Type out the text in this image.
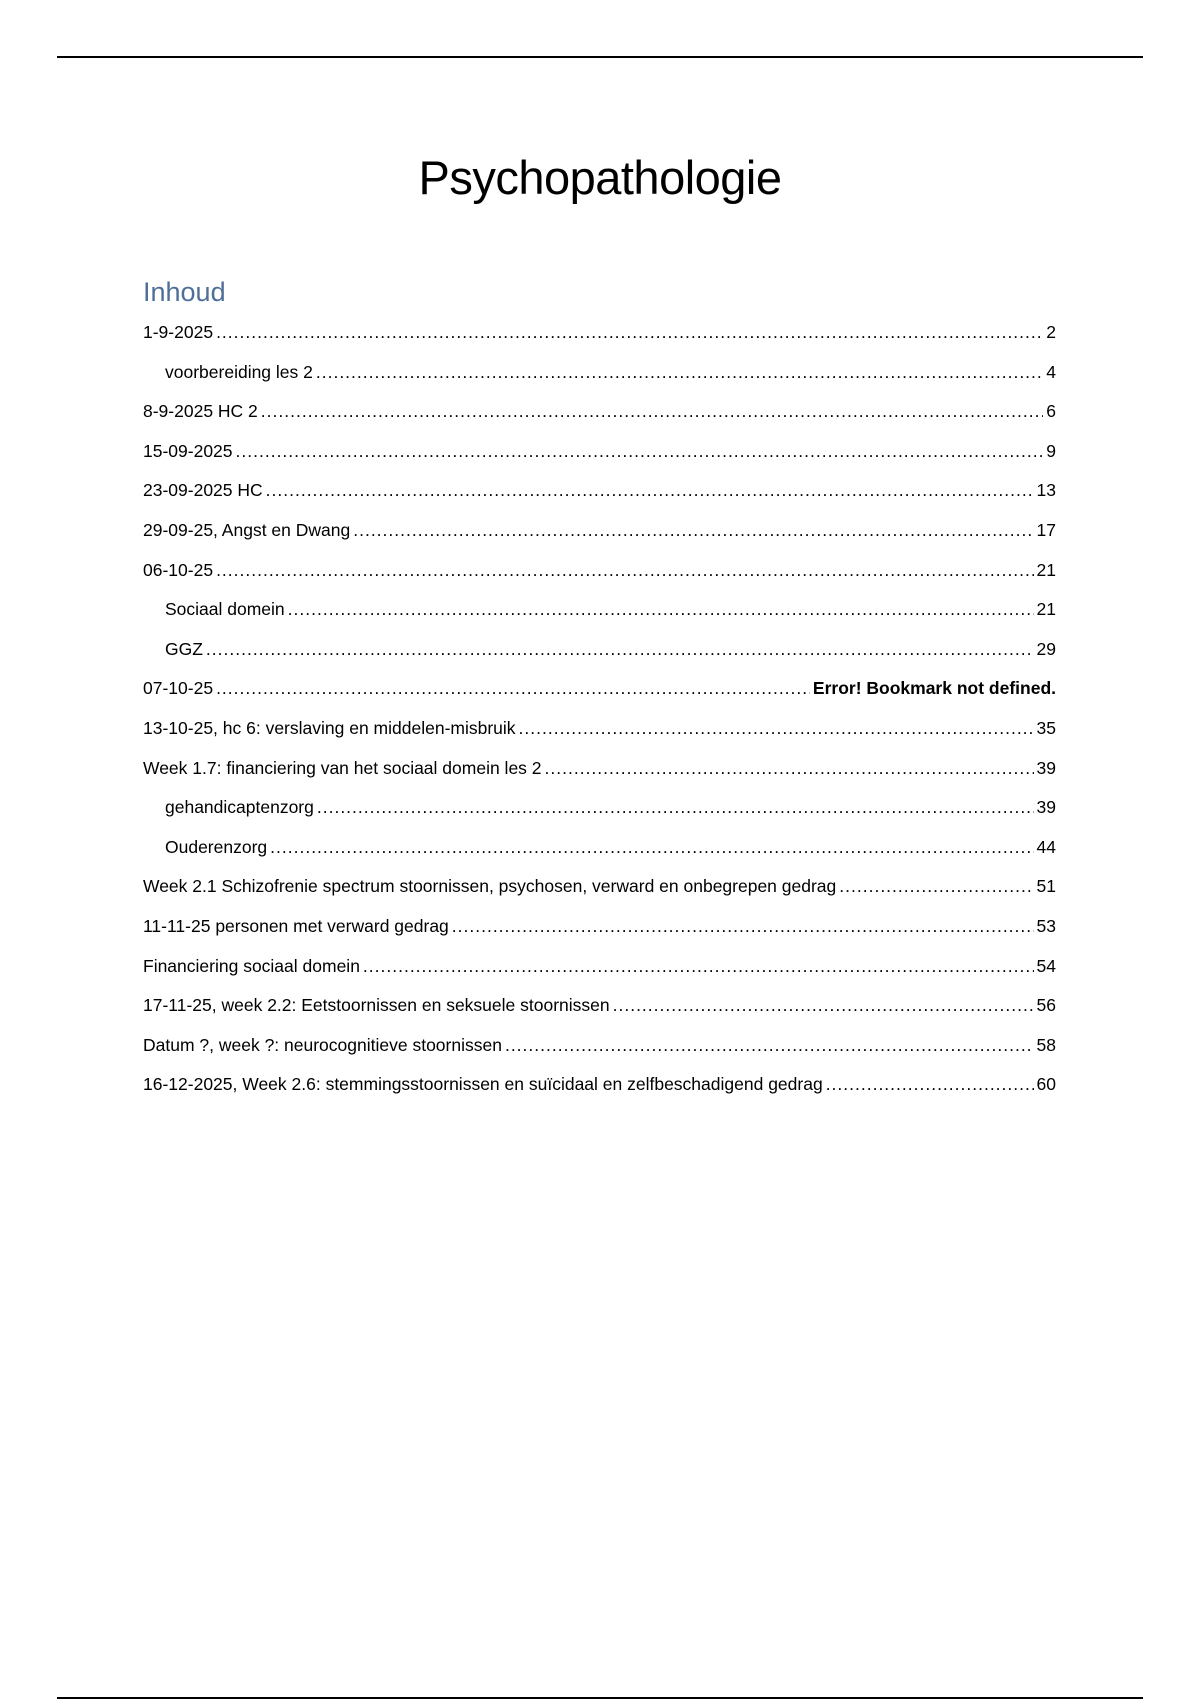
Psychopathologie
Inhoud
1-9-2025 .....	2
voorbereiding les 2 .....	4
8-9-2025 HC 2 .....	6
15-09-2025 .....	9
23-09-2025 HC .....	13
29-09-25, Angst en Dwang .....	17
06-10-25 .....	21
Sociaal domein .....	21
GGZ .....	29
07-10-25 .....	Error! Bookmark not defined.
13-10-25, hc 6: verslaving en middelen-misbruik .....	35
Week 1.7: financiering van het sociaal domein les 2 .....	39
gehandicaptenzorg .....	39
Ouderenzorg .....	44
Week 2.1 Schizofrenie spectrum stoornissen, psychosen, verward en onbegrepen gedrag .....	51
11-11-25 personen met verward gedrag .....	53
Financiering sociaal domein .....	54
17-11-25, week 2.2: Eetstoornissen en seksuele stoornissen .....	56
Datum ?, week ?: neurocognitieve stoornissen .....	58
16-12-2025, Week 2.6: stemmingsstoornissen en suïcidaal en zelfbeschadigend gedrag .....	60
